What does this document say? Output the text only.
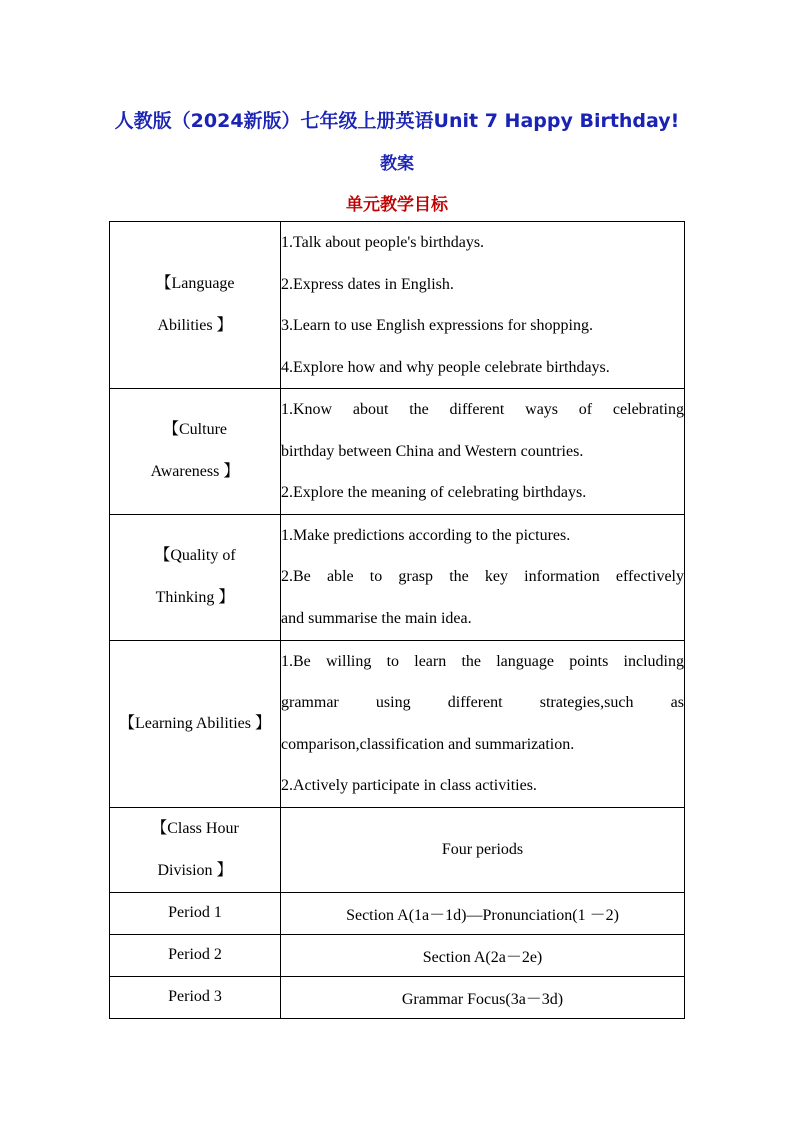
人教版（2024新版）七年级上册英语Unit 7 Happy Birthday!
教案
单元教学目标
【Language
Abilities 】	1.Talk about people's birthdays.
2.Express dates in English.
3.Learn to use English expressions for shopping.
4.Explore how and why people celebrate birthdays.

【Culture
Awareness 】	1.Know about the different ways of celebrating
birthday between China and Western countries.
2.Explore the meaning of celebrating birthdays.

【Quality of
Thinking 】	1.Make predictions according to the pictures.
2.Be able to grasp the key information effectively
and summarise the main idea.

【Learning Abilities 】	1.Be willing to learn the language points including
grammar using different strategies,such as
comparison,classification and summarization.
2.Actively participate in class activities.

【Class Hour
Division 】	Four periods
Period 1	Section A(1a－1d)—Pronunciation(1 －2)
Period 2	Section A(2a－2e)
Period 3	Grammar Focus(3a－3d)
